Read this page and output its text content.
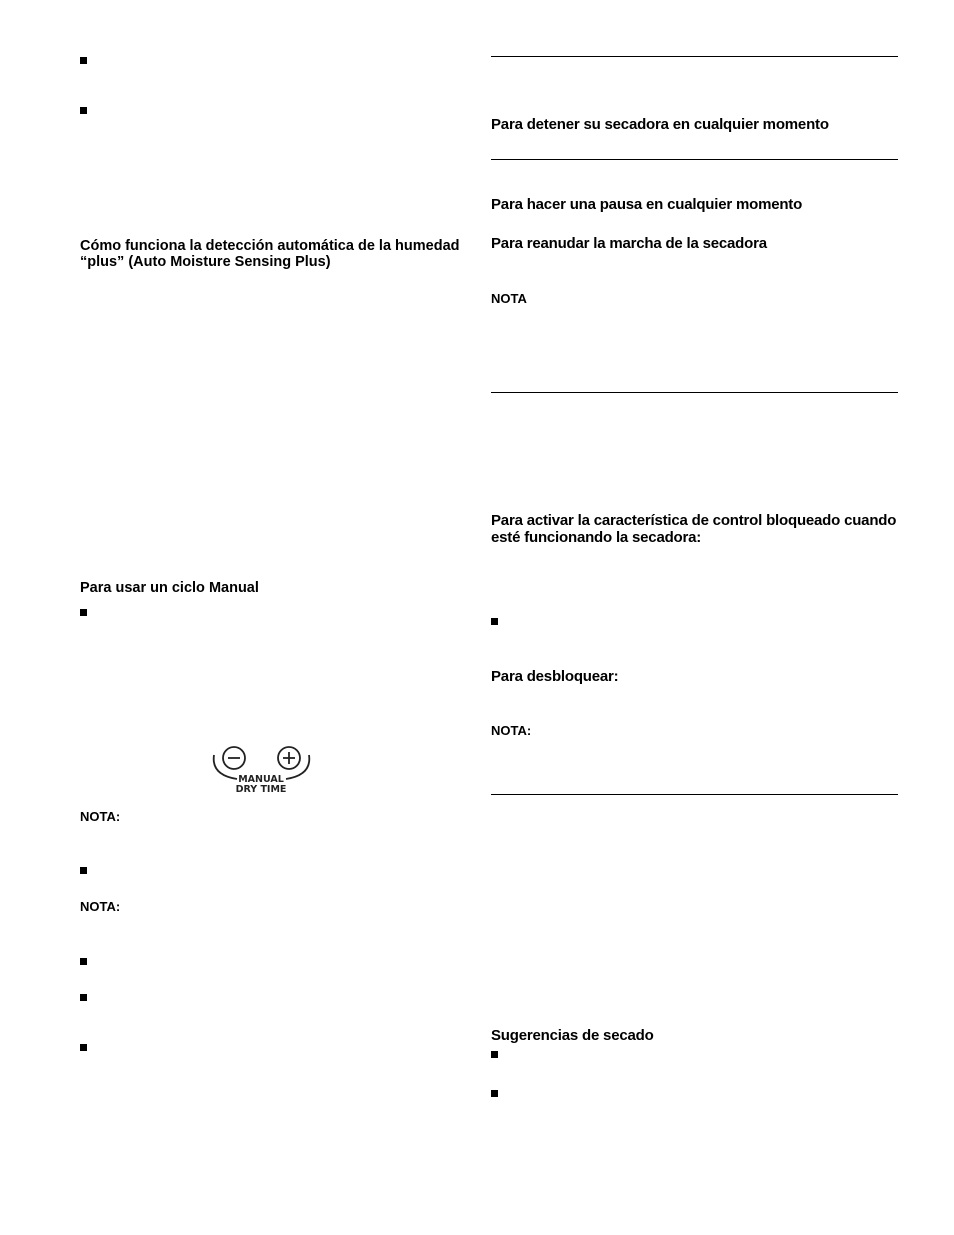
Cómo funciona la detección automática de la humedad “plus” (Auto Moisture Sensing Plus)
Para usar un ciclo Manual
MANUAL
DRY TIME
NOTA:
NOTA:
Para detener su secadora en cualquier momento
Para hacer una pausa en cualquier momento
Para reanudar la marcha de la secadora
NOTA
Para activar la característica de control bloqueado cuando esté funcionando la secadora:
Para desbloquear:
NOTA:
Sugerencias de secado
